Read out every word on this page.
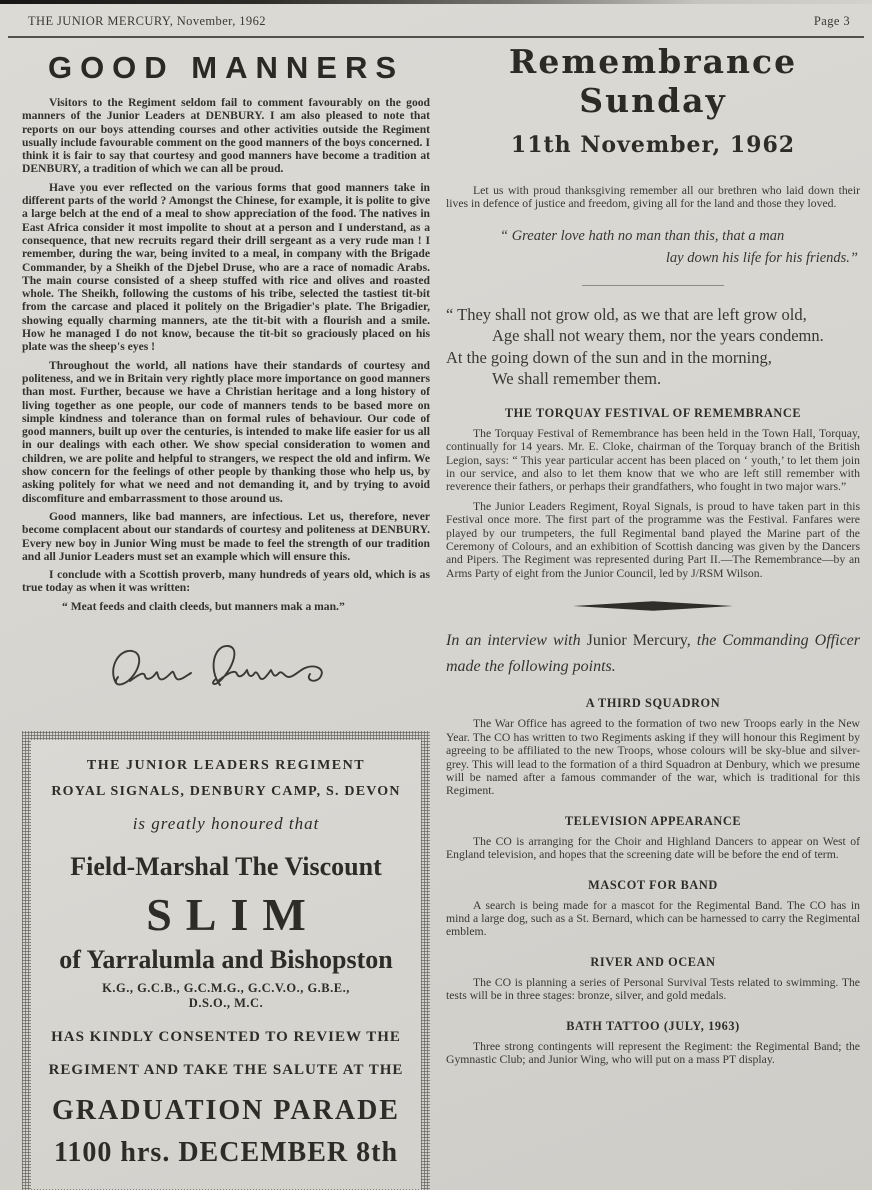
THE JUNIOR MERCURY, November, 1962	Page 3
GOOD MANNERS

Visitors to the Regiment seldom fail to comment favourably on the good manners of the Junior Leaders at DENBURY. I am also pleased to note that reports on our boys attending courses and other activities outside the Regiment usually include favourable comment on the good manners of the boys concerned. I think it is fair to say that courtesy and good manners have become a tradition at DENBURY, a tradition of which we can all be proud.

Have you ever reflected on the various forms that good manners take in different parts of the world ? Amongst the Chinese, for example, it is polite to give a large belch at the end of a meal to show appreciation of the food. The natives in East Africa consider it most impolite to shout at a person and I understand, as a consequence, that new recruits regard their drill sergeant as a very rude man ! I remember, during the war, being invited to a meal, in company with the Brigade Commander, by a Sheikh of the Djebel Druse, who are a race of nomadic Arabs. The main course consisted of a sheep stuffed with rice and olives and roasted whole. The Sheikh, following the customs of his tribe, selected the tastiest tit-bit from the carcase and placed it politely on the Brigadier's plate. The Brigadier, showing equally charming manners, ate the tit-bit with a flourish and a smile. How he managed I do not know, because the tit-bit so graciously placed on his plate was the sheep's eyes !

Throughout the world, all nations have their standards of courtesy and politeness, and we in Britain very rightly place more importance on good manners than most. Further, because we have a Christian heritage and a long history of living together as one people, our code of manners tends to be based more on simple kindness and tolerance than on formal rules of behaviour. Our code of good manners, built up over the centuries, is intended to make life easier for us all in our dealings with each other. We show special consideration to women and children, we are polite and helpful to strangers, we respect the old and infirm. We show concern for the feelings of other people by thanking those who help us, by asking politely for what we need and not demanding it, and by trying to avoid discomfiture and embarrassment to those around us.

Good manners, like bad manners, are infectious. Let us, therefore, never become complacent about our standards of courtesy and politeness at DENBURY. Every new boy in Junior Wing must be made to feel the strength of our tradition and all Junior Leaders must set an example which will ensure this.

I conclude with a Scottish proverb, many hundreds of years old, which is as true today as when it was written:

“ Meat feeds and claith cleeds, but manners mak a man.”

THE JUNIOR LEADERS REGIMENT

ROYAL SIGNALS, DENBURY CAMP, S. DEVON

is greatly honoured that

Field-Marshal The Viscount

SLIM

of Yarralumla and Bishopston

K.G., G.C.B., G.C.M.G., G.C.V.O., G.B.E.,

D.S.O., M.C.

HAS KINDLY CONSENTED TO REVIEW THE

REGIMENT AND TAKE THE SALUTE AT THE

GRADUATION PARADE

1100 hrs. DECEMBER 8th

Remembrance Sunday
11th November, 1962

Let us with proud thanksgiving remember all our brethren who laid down their lives in defence of justice and freedom, giving all for the land and those they loved.

“ Greater love hath no man than this, that a man
lay down his life for his friends.”
“ They shall not grow old, as we that are left grow old,
Age shall not weary them, nor the years condemn.
At the going down of the sun and in the morning,
We shall remember them.
THE TORQUAY FESTIVAL OF REMEMBRANCE

The Torquay Festival of Remembrance has been held in the Town Hall, Torquay, continually for 14 years. Mr. E. Cloke, chairman of the Torquay branch of the British Legion, says: “ This year particular accent has been placed on ‘ youth,’ to let them join in our service, and also to let them know that we who are left still remember with reverence their fathers, or perhaps their grandfathers, who fought in two major wars.”

The Junior Leaders Regiment, Royal Signals, is proud to have taken part in this Festival once more. The first part of the programme was the Festival. Fanfares were played by our trumpeters, the full Regimental band played the Marine part of the Ceremony of Colours, and an exhibition of Scottish dancing was given by the Dancers and Pipers. The Regiment was represented during Part II.—The Remembrance—by an Arms Party of eight from the Junior Council, led by J/RSM Wilson.

In an interview with Junior Mercury, the Commanding Officer made the following points.

A THIRD SQUADRON

The War Office has agreed to the formation of two new Troops early in the New Year. The CO has written to two Regiments asking if they will honour this Regiment by agreeing to be affiliated to the new Troops, whose colours will be sky-blue and silver-grey. This will lead to the formation of a third Squadron at Denbury, which we presume will be named after a famous commander of the war, which is traditional for this Regiment.

TELEVISION APPEARANCE

The CO is arranging for the Choir and Highland Dancers to appear on West of England television, and hopes that the screening date will be before the end of term.

MASCOT FOR BAND

A search is being made for a mascot for the Regimental Band. The CO has in mind a large dog, such as a St. Bernard, which can be harnessed to carry the Regimental emblem.

RIVER AND OCEAN

The CO is planning a series of Personal Survival Tests related to swimming. The tests will be in three stages: bronze, silver, and gold medals.

BATH TATTOO (JULY, 1963)

Three strong contingents will represent the Regiment: the Regimental Band; the Gymnastic Club; and Junior Wing, who will put on a mass PT display.
